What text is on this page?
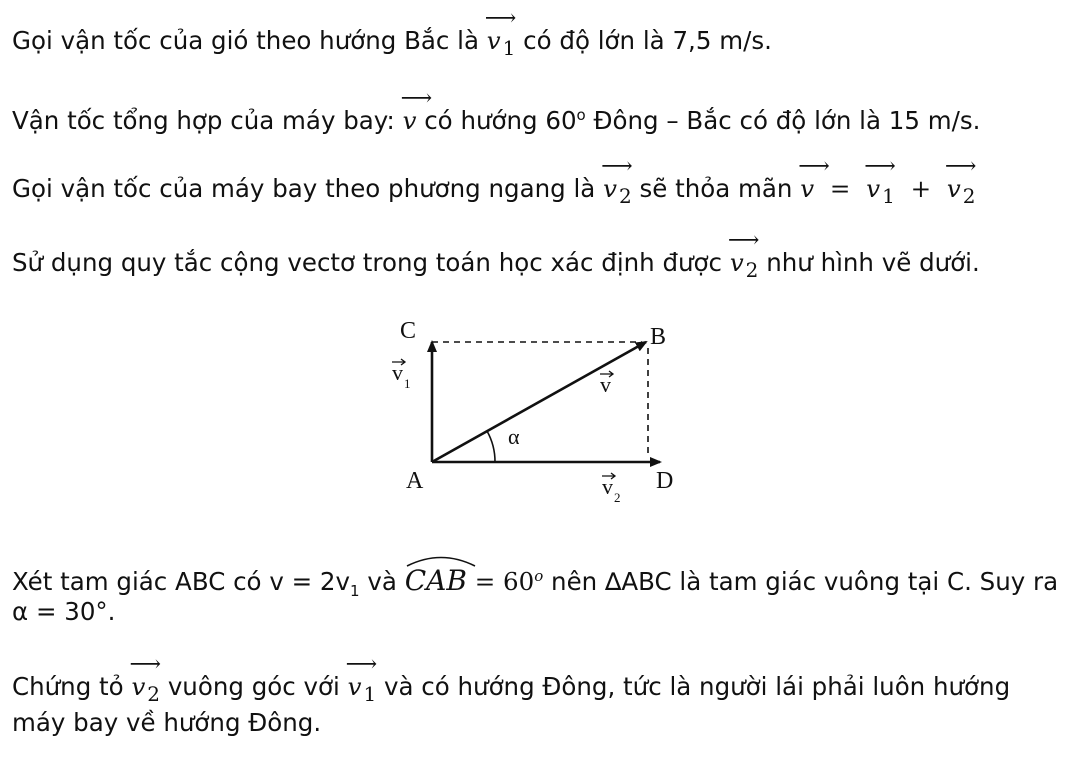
Gọi vận tốc của gió theo hướng Bắc là
⟶
v $_1$ có độ lớn là 7,5 m/s.
Vận tốc tổng hợp của máy bay:
⟶
v có hướng 60$^o$ Đông – Bắc có độ lớn là 15 m/s.
Gọi vận tốc của máy bay theo phương ngang là
⟶
v $_2$ sẽ thỏa mãn
⟶
v =
⟶
v $_1$ +
⟶
v $_2$
Sử dụng quy tắc cộng vectơ trong toán học xác định được
⟶
v $_2$ như hình vẽ dưới.
C	B
A	D
α
v 1	v
v 2
Xét tam giác ABC có $v = 2v_1$ và CAB = $60^o$ nên ∆ABC là tam giác vuông tại C. Suy ra
α = 30°.
Chứng tỏ
⟶
v $_2$ vuông góc với
⟶
v $_1$ và có hướng Đông, tức là người lái phải luôn hướng
máy bay về hướng Đông.
